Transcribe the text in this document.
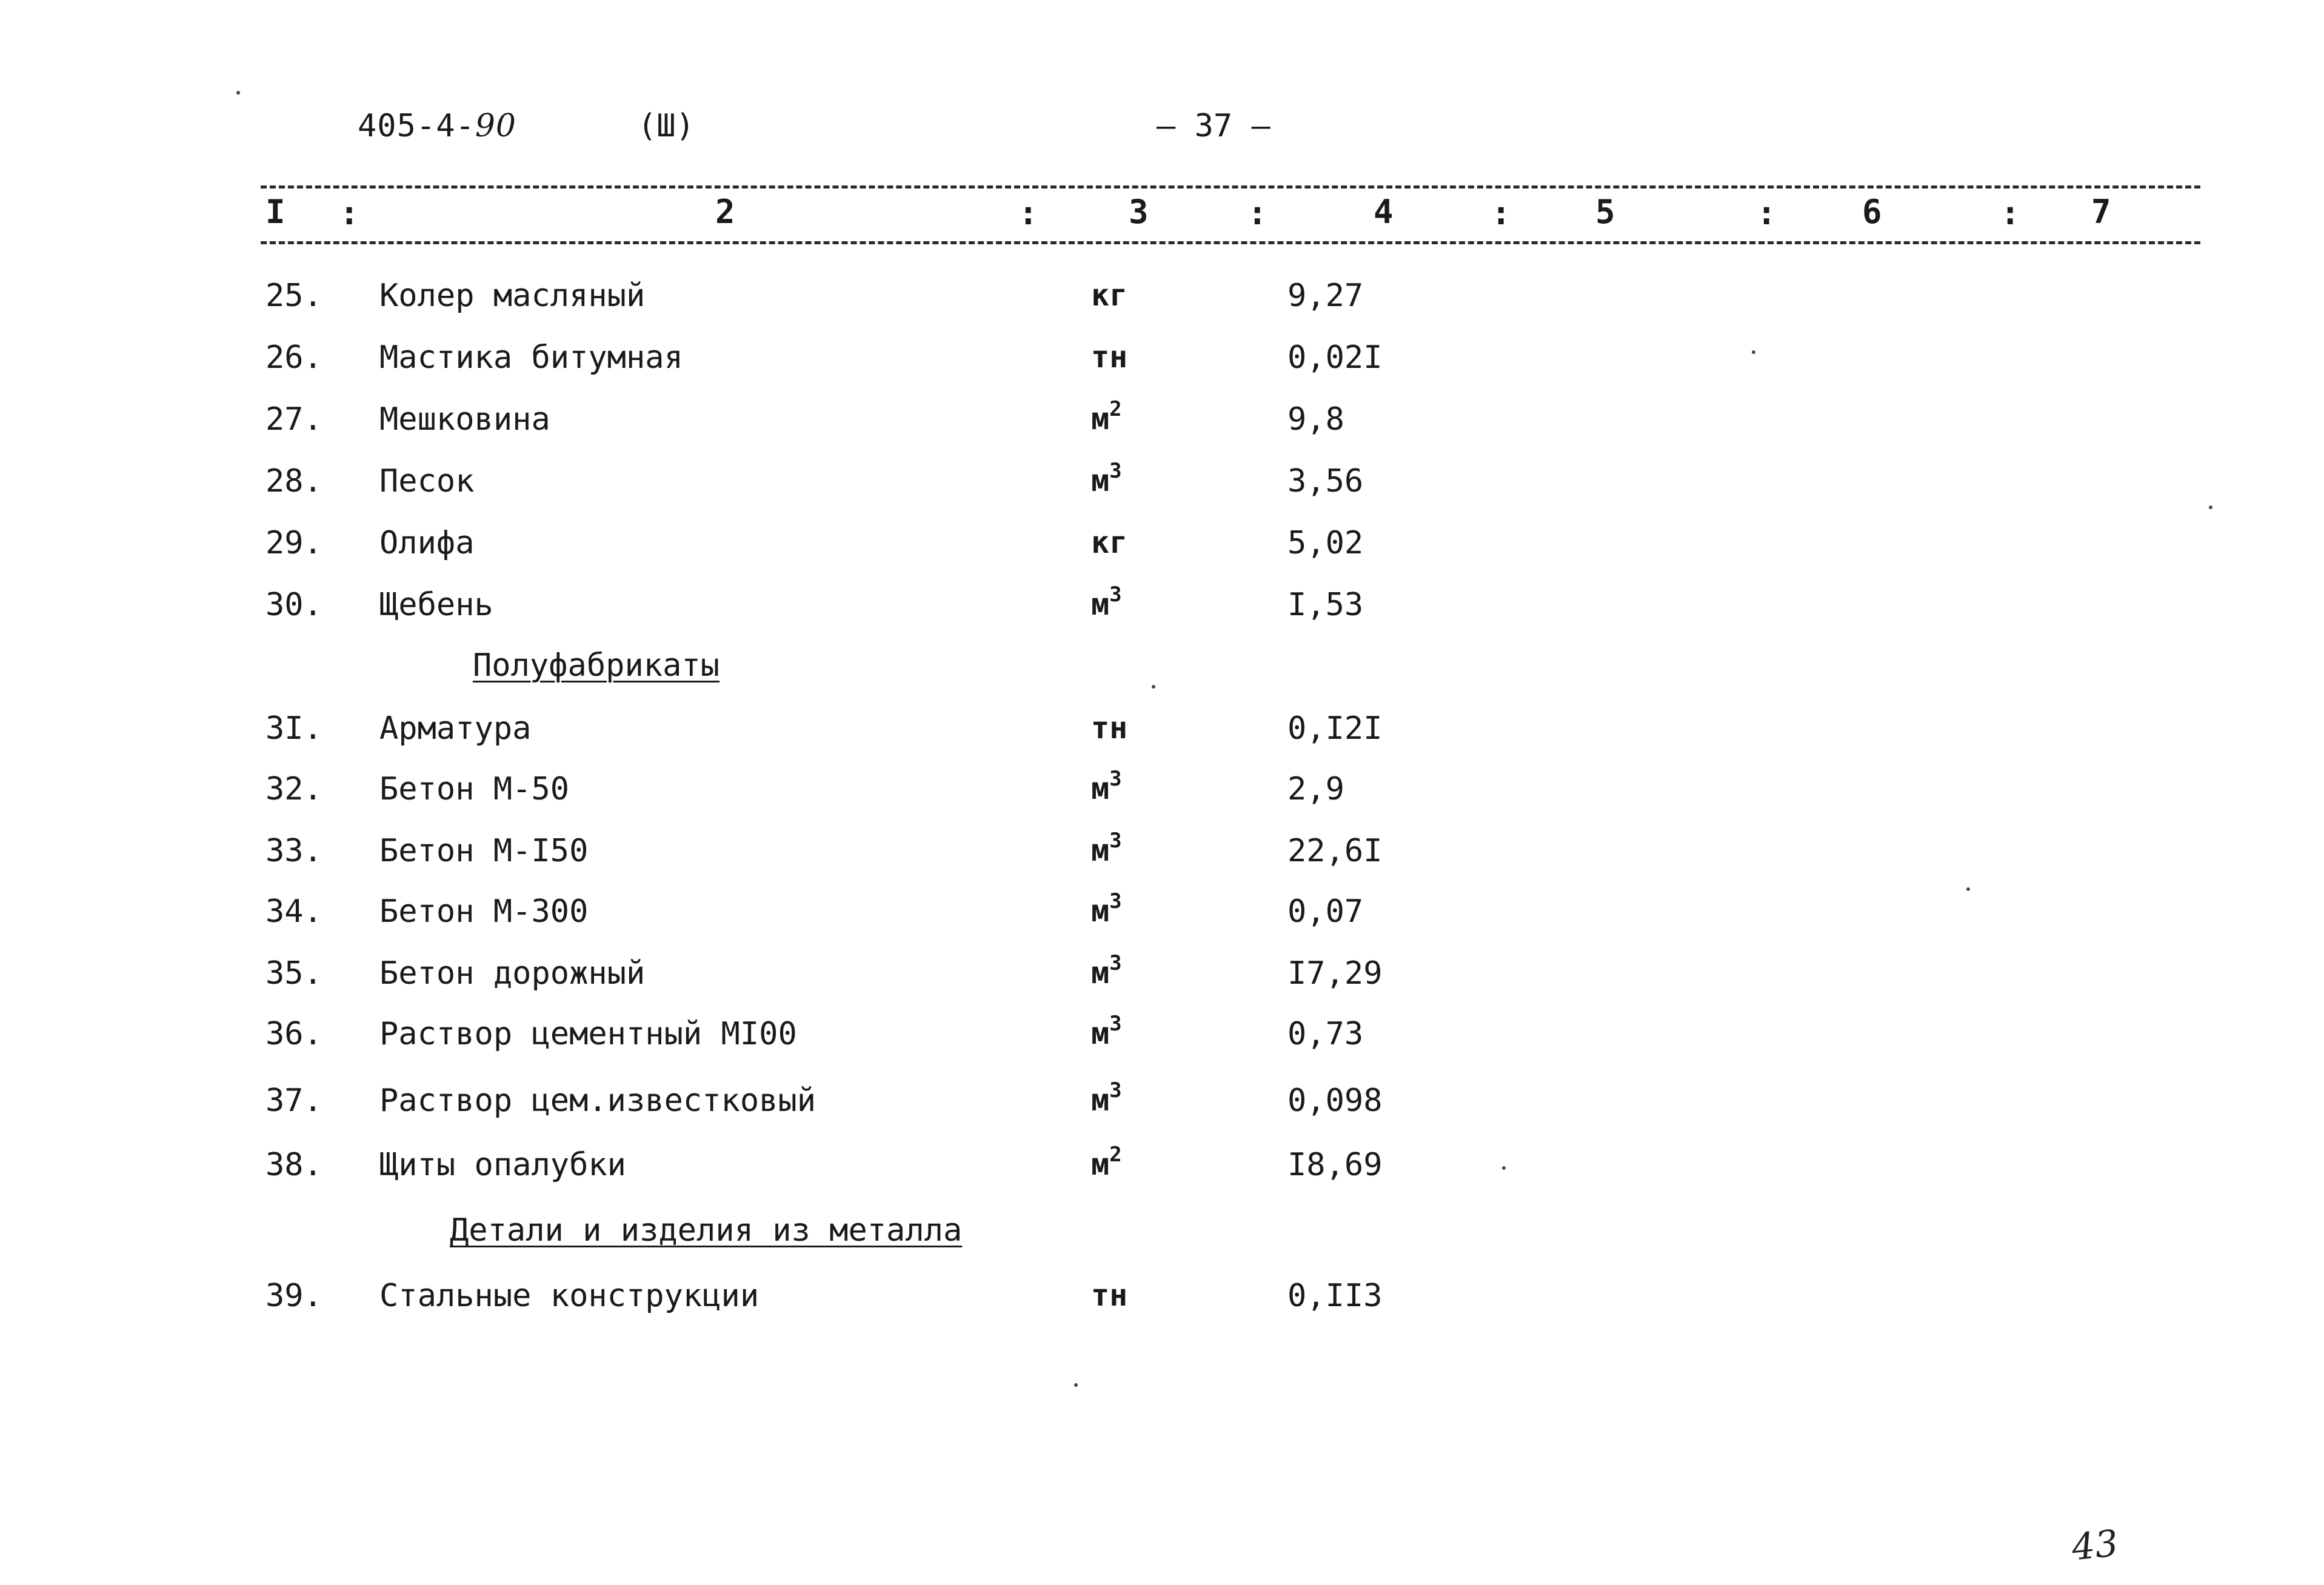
405-4-90	(Ш)	– 37 –
I :	2	:	3	:	4	:	5	:	6	: 7
25. Колер масляный	кг	9,27
26. Мастика битумная	тн	0,02I
27. Мешковина	$м^2$	9,8
28. Песок	$м^3$	3,56
29. Олифа	кг	5,02
30. Щебень	$м^3$	I,53
Полуфабрикаты
3I. Арматура	тн	0,I2I
32. Бетон М-50	$м^3$	2,9
33. Бетон М-I50	$м^3$	22,6I
34. Бетон М-300	$м^3$	0,07
35. Бетон дорожный	$м^3$	I7,29
36. Раствор цементный МI00	$м^3$	0,73
37. Раствор цем.известковый	$м^3$	0,098
38. Щиты опалубки	$м^2$	I8,69
Детали и изделия из металла
39. Стальные конструкции	тн	0,II3
43
